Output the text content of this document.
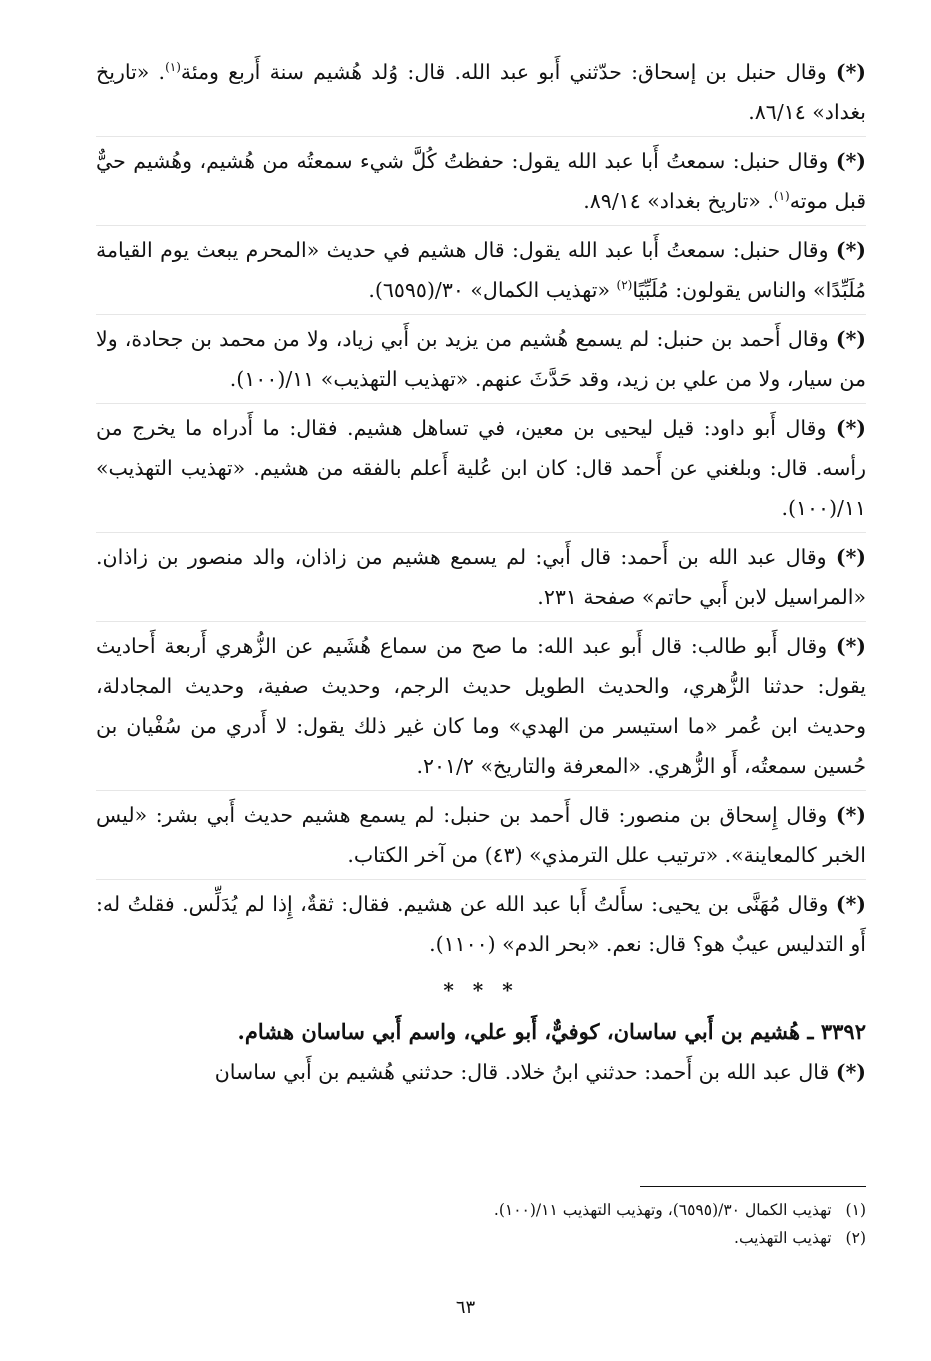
(*) وقال حنبل بن إسحاق: حدّثني أَبو عبد الله. قال: وُلد هُشيم سنة أَربع ومئة$^{(١)}$. «تاريخ بغداد» ٨٦/١٤.

(*) وقال حنبل: سمعتُ أَبا عبد الله يقول: حفظتُ كُلَّ شيء سمعتُه من هُشيم، وهُشيم حيٌّ قبل موته$^{(١)}$. «تاريخ بغداد» ٨٩/١٤.

(*) وقال حنبل: سمعتُ أَبا عبد الله يقول: قال هشيم في حديث «المحرم يبعث يوم القيامة مُلَبِّدًا» والناس يقولون: مُلَبِّيًا$^{(٢)}$ «تهذيب الكمال» ٣٠/(٦٥٩٥).

(*) وقال أَحمد بن حنبل: لم يسمع هُشيم من يزيد بن أَبي زياد، ولا من محمد بن جحادة، ولا من سيار، ولا من علي بن زيد، وقد حَدَّثَ عنهم. «تهذيب التهذيب» ١١/(١٠٠).

(*) وقال أَبو داود: قيل ليحيى بن معين، في تساهل هشيم. فقال: ما أَدراه ما يخرج من رأسه. قال: وبلغني عن أَحمد قال: كان ابن عُلية أَعلم بالفقه من هشيم. «تهذيب التهذيب» ١١/(١٠٠).

(*) وقال عبد الله بن أَحمد: قال أَبي: لم يسمع هشيم من زاذان، والد منصور بن زاذان. «المراسيل لابن أَبي حاتم» صفحة ٢٣١.

(*) وقال أَبو طالب: قال أَبو عبد الله: ما صح من سماع هُشَيم عن الزُّهري أَربعة أَحاديث يقول: حدثنا الزُّهري، والحديث الطويل حديث الرجم، وحديث صفية، وحديث المجادلة، وحديث ابن عُمر «ما استيسر من الهدي» وما كان غير ذلك يقول: لا أَدري من سُفْيان بن حُسين سمعتُه، أَو الزُّهري. «المعرفة والتاريخ» ٢٠١/٢.

(*) وقال إِسحاق بن منصور: قال أَحمد بن حنبل: لم يسمع هشيم حديث أَبي بشر: «ليس الخبر كالمعاينة». «ترتيب علل الترمذي» (٤٣) من آخر الكتاب.

(*) وقال مُهَنَّى بن يحيى: سأَلتُ أَبا عبد الله عن هشيم. فقال: ثقةٌ، إِذا لم يُدَلِّس. فقلتُ له: أَو التدليس عيبٌ هو؟ قال: نعم. «بحر الدم» (١١٠٠).

* * *

٣٣٩٢ ـ هُشيم بن أَبي ساسان، كوفيٌّ، أَبو علي، واسم أَبي ساسان هشام.

(*) قال عبد الله بن أَحمد: حدثني ابنُ خلاد. قال: حدثني هُشيم بن أَبي ساسان

(١)تهذيب الكمال ٣٠/(٦٥٩٥)، وتهذيب التهذيب ١١/(١٠٠).

(٢)تهذيب التهذيب.

٦٣
